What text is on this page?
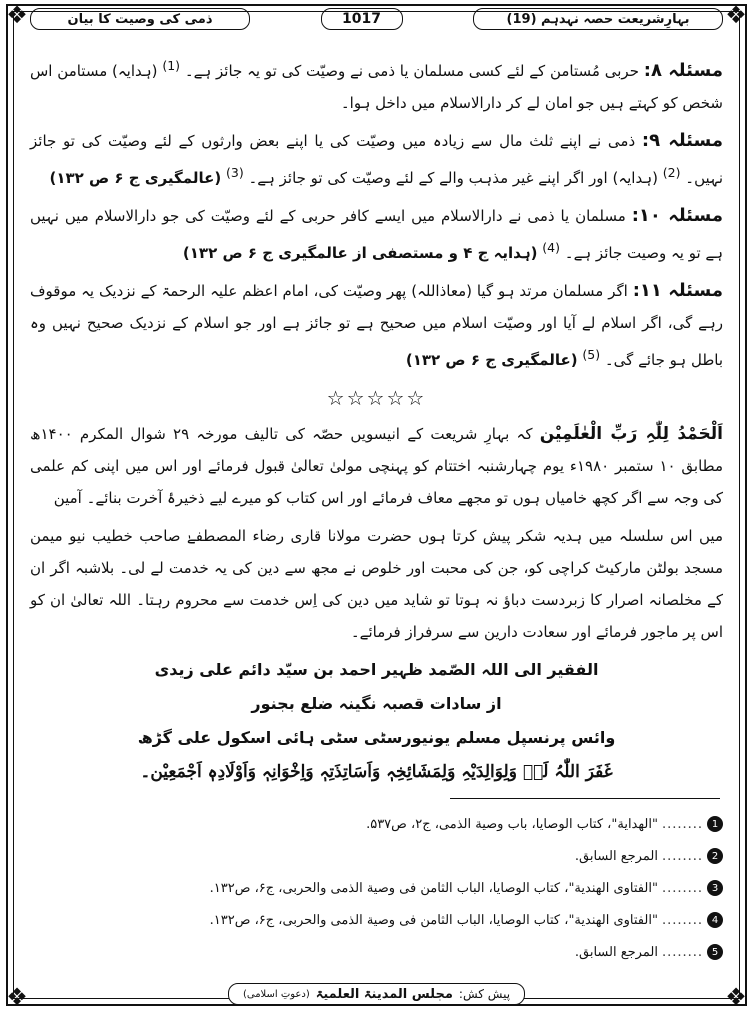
❖	❖
❖	❖
بہارِشریعت حصہ نہدہم (19)
1017
ذمی کی وصیت کا بیان

مسئلہ ۸: حربی مُستامن کے لئے کسی مسلمان یا ذمی نے وصیّت کی تو یہ جائز ہے۔ $^{(1)}$ (ہدایہ) مستامن اس شخص کو کہتے ہیں جو امان لے کر دارالاسلام میں داخل ہوا۔

مسئلہ ۹: ذمی نے اپنے ثلث مال سے زیادہ میں وصیّت کی یا اپنے بعض وارثوں کے لئے وصیّت کی تو جائز نہیں۔ $^{(2)}$ (ہدایہ) اور اگر اپنے غیر مذہب والے کے لئے وصیّت کی تو جائز ہے۔ $^{(3)}$ (عالمگیری ج ۶ ص ۱۳۲)

مسئلہ ۱۰: مسلمان یا ذمی نے دارالاسلام میں ایسے کافر حربی کے لئے وصیّت کی جو دارالاسلام میں نہیں ہے تو یہ وصیت جائز ہے۔ $^{(4)}$ (ہدایہ ج ۴ و مستصفی از عالمگیری ج ۶ ص ۱۳۲)

مسئلہ ۱۱: اگر مسلمان مرتد ہو گیا (معاذاللہ) پھر وصیّت کی، امام اعظم علیہ الرحمۃ کے نزدیک یہ موقوف رہے گی، اگر اسلام لے آیا اور وصیّت اسلام میں صحیح ہے تو جائز ہے اور جو اسلام کے نزدیک صحیح نہیں وہ باطل ہو جائے گی۔ $^{(5)}$ (عالمگیری ج ۶ ص ۱۳۲)

☆☆☆☆☆

اَلْحَمْدُ لِلّٰہِ رَبِّ الْعٰلَمِیْن کہ بہارِ شریعت کے انیسویں حصّہ کی تالیف مورخہ ۲۹ شوال المکرم ۱۴۰۰ھ مطابق ۱۰ ستمبر ۱۹۸۰ء یوم چہارشنبہ اختتام کو پہنچی مولیٰ تعالیٰ قبول فرمائے اور اس میں اپنی کم علمی کی وجہ سے اگر کچھ خامیاں ہوں تو مجھے معاف فرمائے اور اس کتاب کو میرے لیے ذخیرۂ آخرت بنائے۔ آمین

میں اس سلسلہ میں ہدیہ شکر پیش کرتا ہوں حضرت مولانا قاری رضاء المصطفےٰ صاحب خطیب نیو میمن مسجد بولٹن مارکیٹ کراچی کو، جن کی محبت اور خلوص نے مجھ سے دین کی یہ خدمت لے لی۔ بلاشبہ اگر ان کے مخلصانہ اصرار کا زبردست دباؤ نہ ہوتا تو شاید میں دین کی اِس خدمت سے محروم رہتا۔ اللہ تعالیٰ ان کو اس پر ماجور فرمائے اور سعادت دارین سے سرفراز فرمائے۔

الفقیر الی اللہ الصّمد ظہیر احمد بن سیّد دائم علی زیدی
از سادات قصبہ نگینہ ضلع بجنور
وائس پرنسپل مسلم یونیورسٹی سٹی ہائی اسکول علی گڑھ
غَفَرَ اللّٰہُ لَہٗ وَلِوَالِدَیْہِ وَلِمَشَائِخِہٖ وَاَسَاتِذَتِہٖ وَاِخْوَانِہٖ وَاَوْلَادِہٖ اَجْمَعِیْن۔
1
........
"الهداية"، كتاب الوصايا، باب وصية الذمى، ج۲، ص۵۳۷.
2
........
المرجع السابق.
3
........
"الفتاوى الهندية"، كتاب الوصايا، الباب الثامن فى وصية الذمى والحربى، ج۶، ص۱۳۲.
4
........
"الفتاوى الهندية"، كتاب الوصايا، الباب الثامن فى وصية الذمى والحربى، ج۶، ص۱۳۲.
5
........
المرجع السابق.
پیش کش:
مجلس المدینۃ العلمیۃ
(دعوتِ اسلامی)
